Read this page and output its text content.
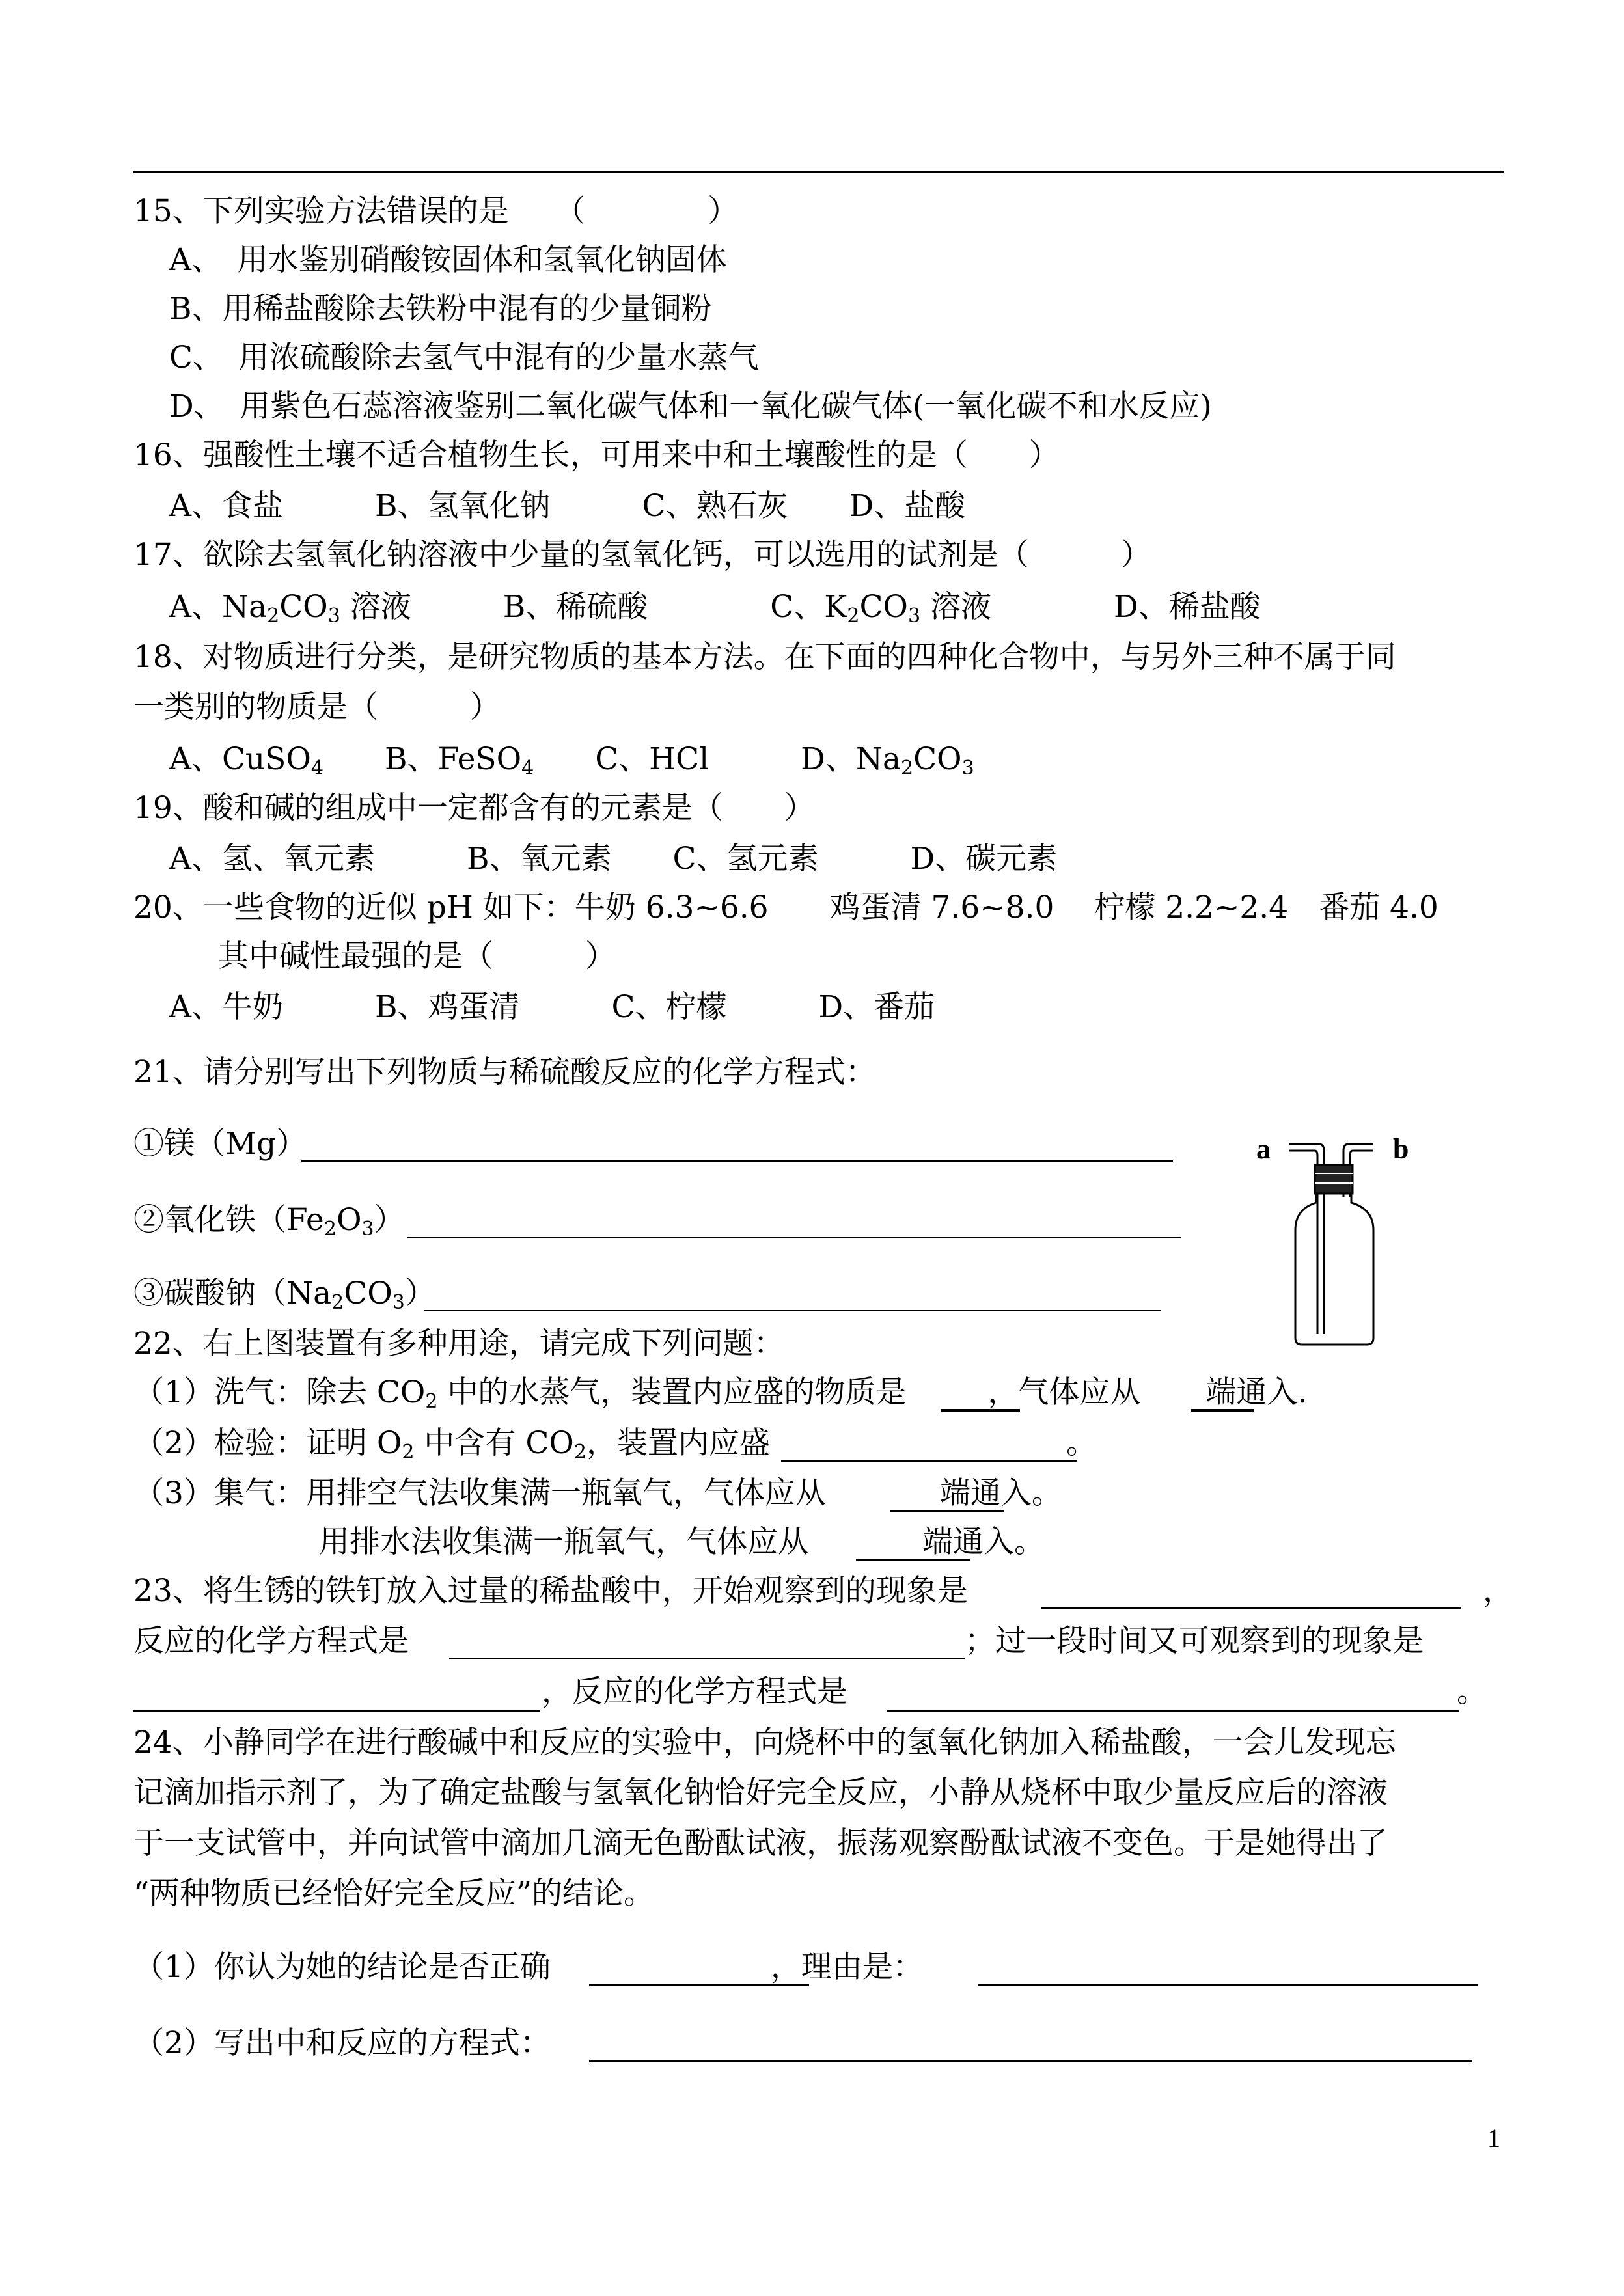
15、下列实验方法错误的是　　（　　　　）
A、　用水鉴别硝酸铵固体和氢氧化钠固体
B、用稀盐酸除去铁粉中混有的少量铜粉
C、　用浓硫酸除去氢气中混有的少量水蒸气
D、　用紫色石蕊溶液鉴别二氧化碳气体和一氧化碳气体(一氧化碳不和水反应)
16、强酸性土壤不适合植物生长，可用来中和土壤酸性的是（　　）
A、食盐　　　B、氢氧化钠　　　C、熟石灰　　D、盐酸
17、欲除去氢氧化钠溶液中少量的氢氧化钙，可以选用的试剂是（　　　）
A、$Na_2CO_3$ 溶液　　　B、稀硫酸　　　　C、$K_2CO_3$ 溶液　　　　D、稀盐酸
18、对物质进行分类，是研究物质的基本方法。在下面的四种化合物中，与另外三种不属于同
一类别的物质是（　　　）
A、CuSO$_4$　　B、FeSO$_4$　　C、HCl　　　D、$Na_2CO_3$
19、酸和碱的组成中一定都含有的元素是（　　）
A、氢、氧元素　　　B、氧元素　　C、氢元素　　　D、碳元素
20、一些食物的近似 pH 如下：牛奶 6.3~6.6　　鸡蛋清 7.6~8.0　 柠檬 2.2~2.4　番茄 4.0
其中碱性最强的是（　　　）
A、牛奶　　　B、鸡蛋清　　　C、柠檬　　　D、番茄
21、请分别写出下列物质与稀硫酸反应的化学方程式：
①镁（Mg）
②氧化铁$(Fe_2O_3)$
③碳酸钠$(Na_2CO_3)$
a	b
22、右上图装置有多种用途，请完成下列问题：
（1）洗气：除去 $CO_2$ 中的水蒸气，装置内应盛的物质是	，气体应从 端通入.
（2）检验：证明 $O_2$ 中含有 $CO_2$，装置内应盛	。
（3）集气：用排空气法收集满一瓶氧气，气体应从	端通入。
用排水法收集满一瓶氧气，气体应从	端通入。
23、将生锈的铁钉放入过量的稀盐酸中，开始观察到的现象是	，
反应的化学方程式是	；过一段时间又可观察到的现象是
，反应的化学方程式是	。
24、小静同学在进行酸碱中和反应的实验中，向烧杯中的氢氧化钠加入稀盐酸，一会儿发现忘
记滴加指示剂了，为了确定盐酸与氢氧化钠恰好完全反应，小静从烧杯中取少量反应后的溶液
于一支试管中，并向试管中滴加几滴无色酚酞试液，振荡观察酚酞试液不变色。于是她得出了
“两种物质已经恰好完全反应”的结论。
（1）你认为她的结论是否正确	，理由是：
（2）写出中和反应的方程式：
1
